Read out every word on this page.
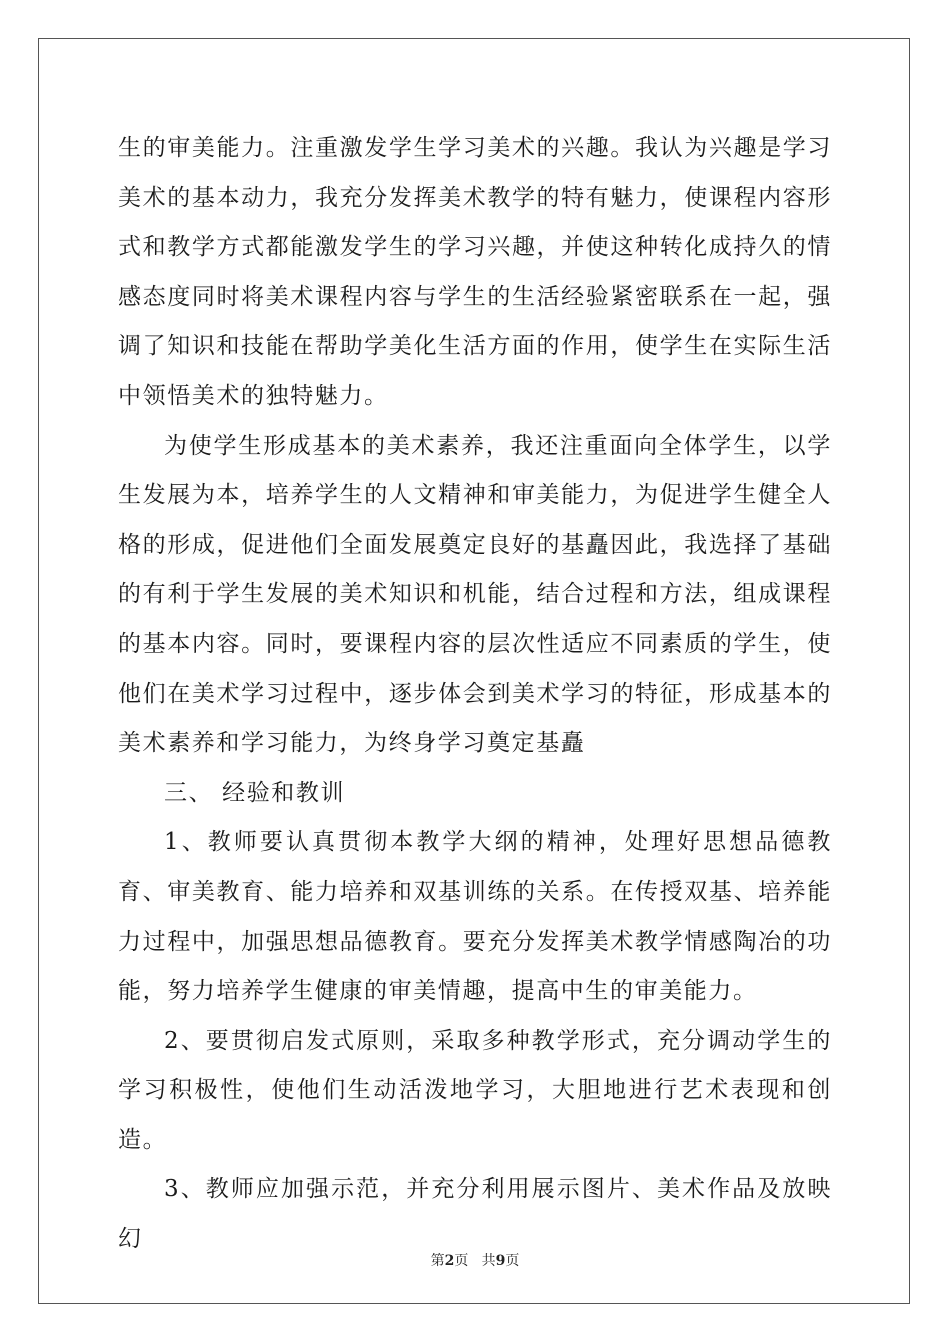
生的审美能力。注重激发学生学习美术的兴趣。我认为兴趣是学习美术的基本动力，我充分发挥美术教学的特有魅力，使课程内容形式和教学方式都能激发学生的学习兴趣，并使这种转化成持久的情感态度同时将美术课程内容与学生的生活经验紧密联系在一起，强调了知识和技能在帮助学美化生活方面的作用，使学生在实际生活中领悟美术的独特魅力。

为使学生形成基本的美术素养，我还注重面向全体学生，以学生发展为本，培养学生的人文精神和审美能力，为促进学生健全人格的形成，促进他们全面发展奠定良好的基矗因此，我选择了基础的有利于学生发展的美术知识和机能，结合过程和方法，组成课程的基本内容。同时，要课程内容的层次性适应不同素质的学生，使他们在美术学习过程中，逐步体会到美术学习的特征，形成基本的美术素养和学习能力，为终身学习奠定基矗

三、 经验和教训

1、教师要认真贯彻本教学大纲的精神，处理好思想品德教育、审美教育、能力培养和双基训练的关系。在传授双基、培养能力过程中，加强思想品德教育。要充分发挥美术教学情感陶冶的功能，努力培养学生健康的审美情趣，提高中生的审美能力。

2、要贯彻启发式原则，采取多种教学形式，充分调动学生的学习积极性，使他们生动活泼地学习，大胆地进行艺术表现和创造。

3、教师应加强示范，并充分利用展示图片、美术作品及放映幻

第2页 共9页
